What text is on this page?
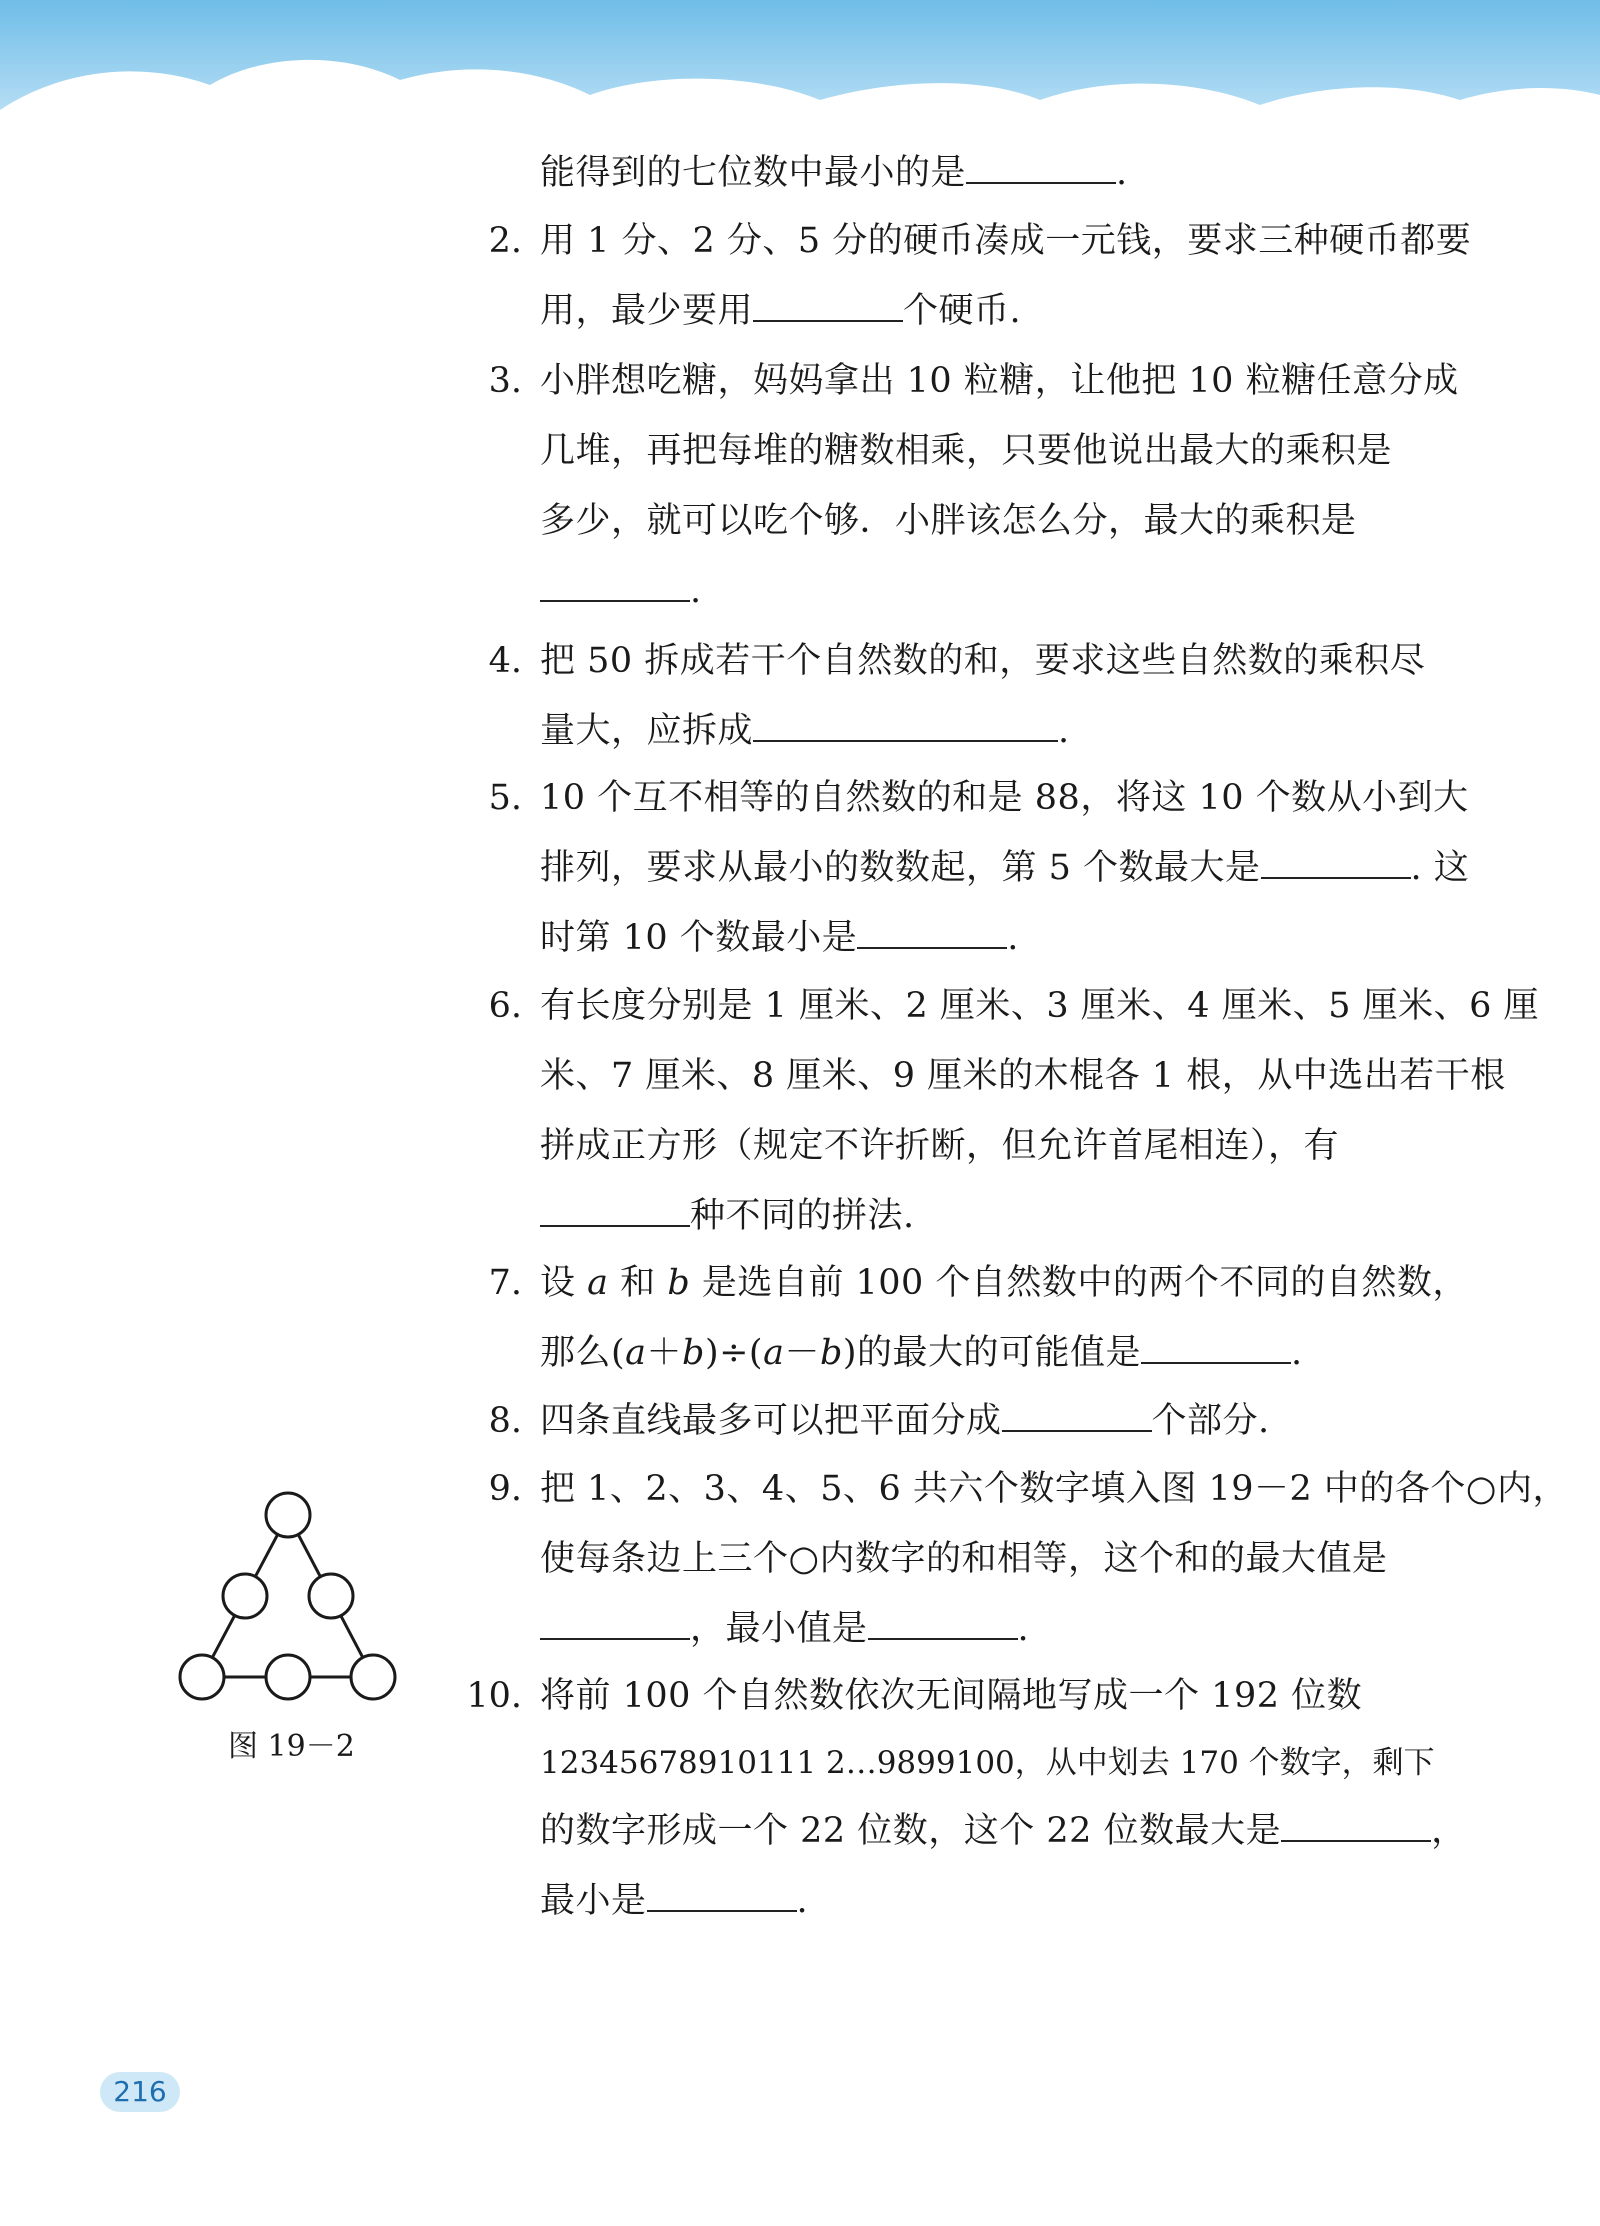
能得到的七位数中最小的是	.
2. 用 1 分、2 分、5 分的硬币凑成一元钱，要求三种硬币都要
用，最少要用	个硬币.
3. 小胖想吃糖，妈妈拿出 10 粒糖，让他把 10 粒糖任意分成
几堆，再把每堆的糖数相乘，只要他说出最大的乘积是
多少，就可以吃个够．小胖该怎么分，最大的乘积是
.
4. 把 50 拆成若干个自然数的和，要求这些自然数的乘积尽
量大，应拆成	.
5. 10 个互不相等的自然数的和是 88，将这 10 个数从小到大
排列，要求从最小的数数起，第 5 个数最大是	. 这
时第 10 个数最小是	.
6. 有长度分别是 1 厘米、2 厘米、3 厘米、4 厘米、5 厘米、6 厘
米、7 厘米、8 厘米、9 厘米的木棍各 1 根，从中选出若干根
拼成正方形（规定不许折断，但允许首尾相连），有
种不同的拼法.
7. 设 a 和 b 是选自前 100 个自然数中的两个不同的自然数，
那么(a＋b)÷(a－b)的最大的可能值是	.
8. 四条直线最多可以把平面分成	个部分.
9. 把 1、2、3、4、5、6 共六个数字填入图 19－2 中的各个○内，
使每条边上三个○内数字的和相等，这个和的最大值是
，最小值是	.
10. 将前 100 个自然数依次无间隔地写成一个 192 位数
12345678910111 2…9899100，从中划去 170 个数字，剩下
的数字形成一个 22 位数，这个 22 位数最大是	，
最小是	.
图 19－2
216
